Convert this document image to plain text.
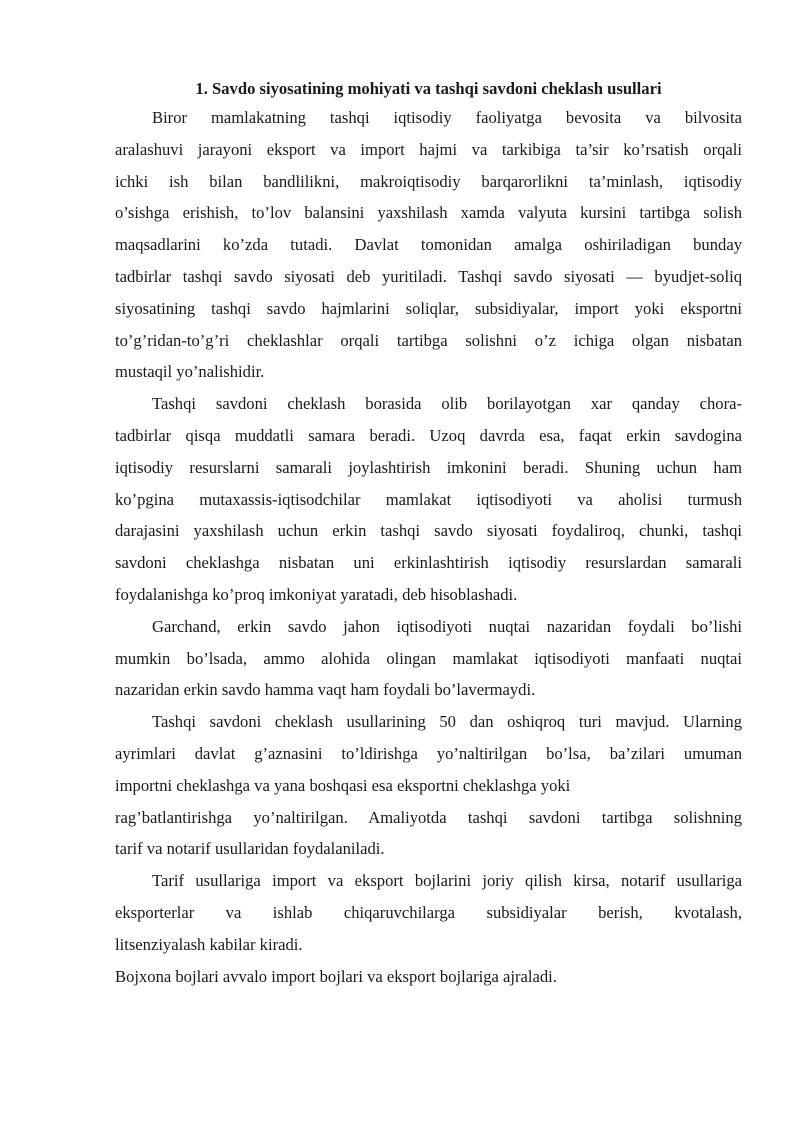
1. Savdo siyosatining mohiyati va tashqi savdoni cheklash usullari
Biror mamlakatning tashqi iqtisodiy faoliyatga bevosita va bilvosita
aralashuvi jarayoni eksport va import hajmi va tarkibiga ta’sir ko’rsatish orqali
ichki ish bilan bandlilikni, makroiqtisodiy barqarorlikni ta’minlash, iqtisodiy
o’sishga erishish, to’lov balansini yaxshilash xamda valyuta kursini tartibga solish
maqsadlarini ko’zda tutadi. Davlat tomonidan amalga oshiriladigan bunday
tadbirlar tashqi savdo siyosati deb yuritiladi. Tashqi savdo siyosati — byudjet-soliq
siyosatining tashqi savdo hajmlarini soliqlar, subsidiyalar, import yoki eksportni
to’g’ridan-to’g’ri cheklashlar orqali tartibga solishni o’z ichiga olgan nisbatan
mustaqil yo’nalishidir.
Tashqi savdoni cheklash borasida olib borilayotgan xar qanday chora-
tadbirlar qisqa muddatli samara beradi. Uzoq davrda esa, faqat erkin savdogina
iqtisodiy resurslarni samarali joylashtirish imkonini beradi. Shuning uchun ham
ko’pgina mutaxassis-iqtisodchilar mamlakat iqtisodiyoti va aholisi turmush
darajasini yaxshilash uchun erkin tashqi savdo siyosati foydaliroq, chunki, tashqi
savdoni cheklashga nisbatan uni erkinlashtirish iqtisodiy resurslardan samarali
foydalanishga ko’proq imkoniyat yaratadi, deb hisoblashadi.
Garchand, erkin savdo jahon iqtisodiyoti nuqtai nazaridan foydali bo’lishi
mumkin bo’lsada, ammo alohida olingan mamlakat iqtisodiyoti manfaati nuqtai
nazaridan erkin savdo hamma vaqt ham foydali bo’lavermaydi.
Tashqi savdoni cheklash usullarining 50 dan oshiqroq turi mavjud. Ularning
ayrimlari davlat g’aznasini to’ldirishga yo’naltirilgan bo’lsa, ba’zilari umuman
importni cheklashga va yana boshqasi esa eksportni cheklashga yoki
rag’batlantirishga yo’naltirilgan. Amaliyotda tashqi savdoni tartibga solishning
tarif va notarif usullaridan foydalaniladi.
Tarif usullariga import va eksport bojlarini joriy qilish kirsa, notarif usullariga
eksporterlar va ishlab chiqaruvchilarga subsidiyalar berish, kvotalash,
litsenziyalash kabilar kiradi.
Bojxona bojlari avvalo import bojlari va eksport bojlariga ajraladi.
